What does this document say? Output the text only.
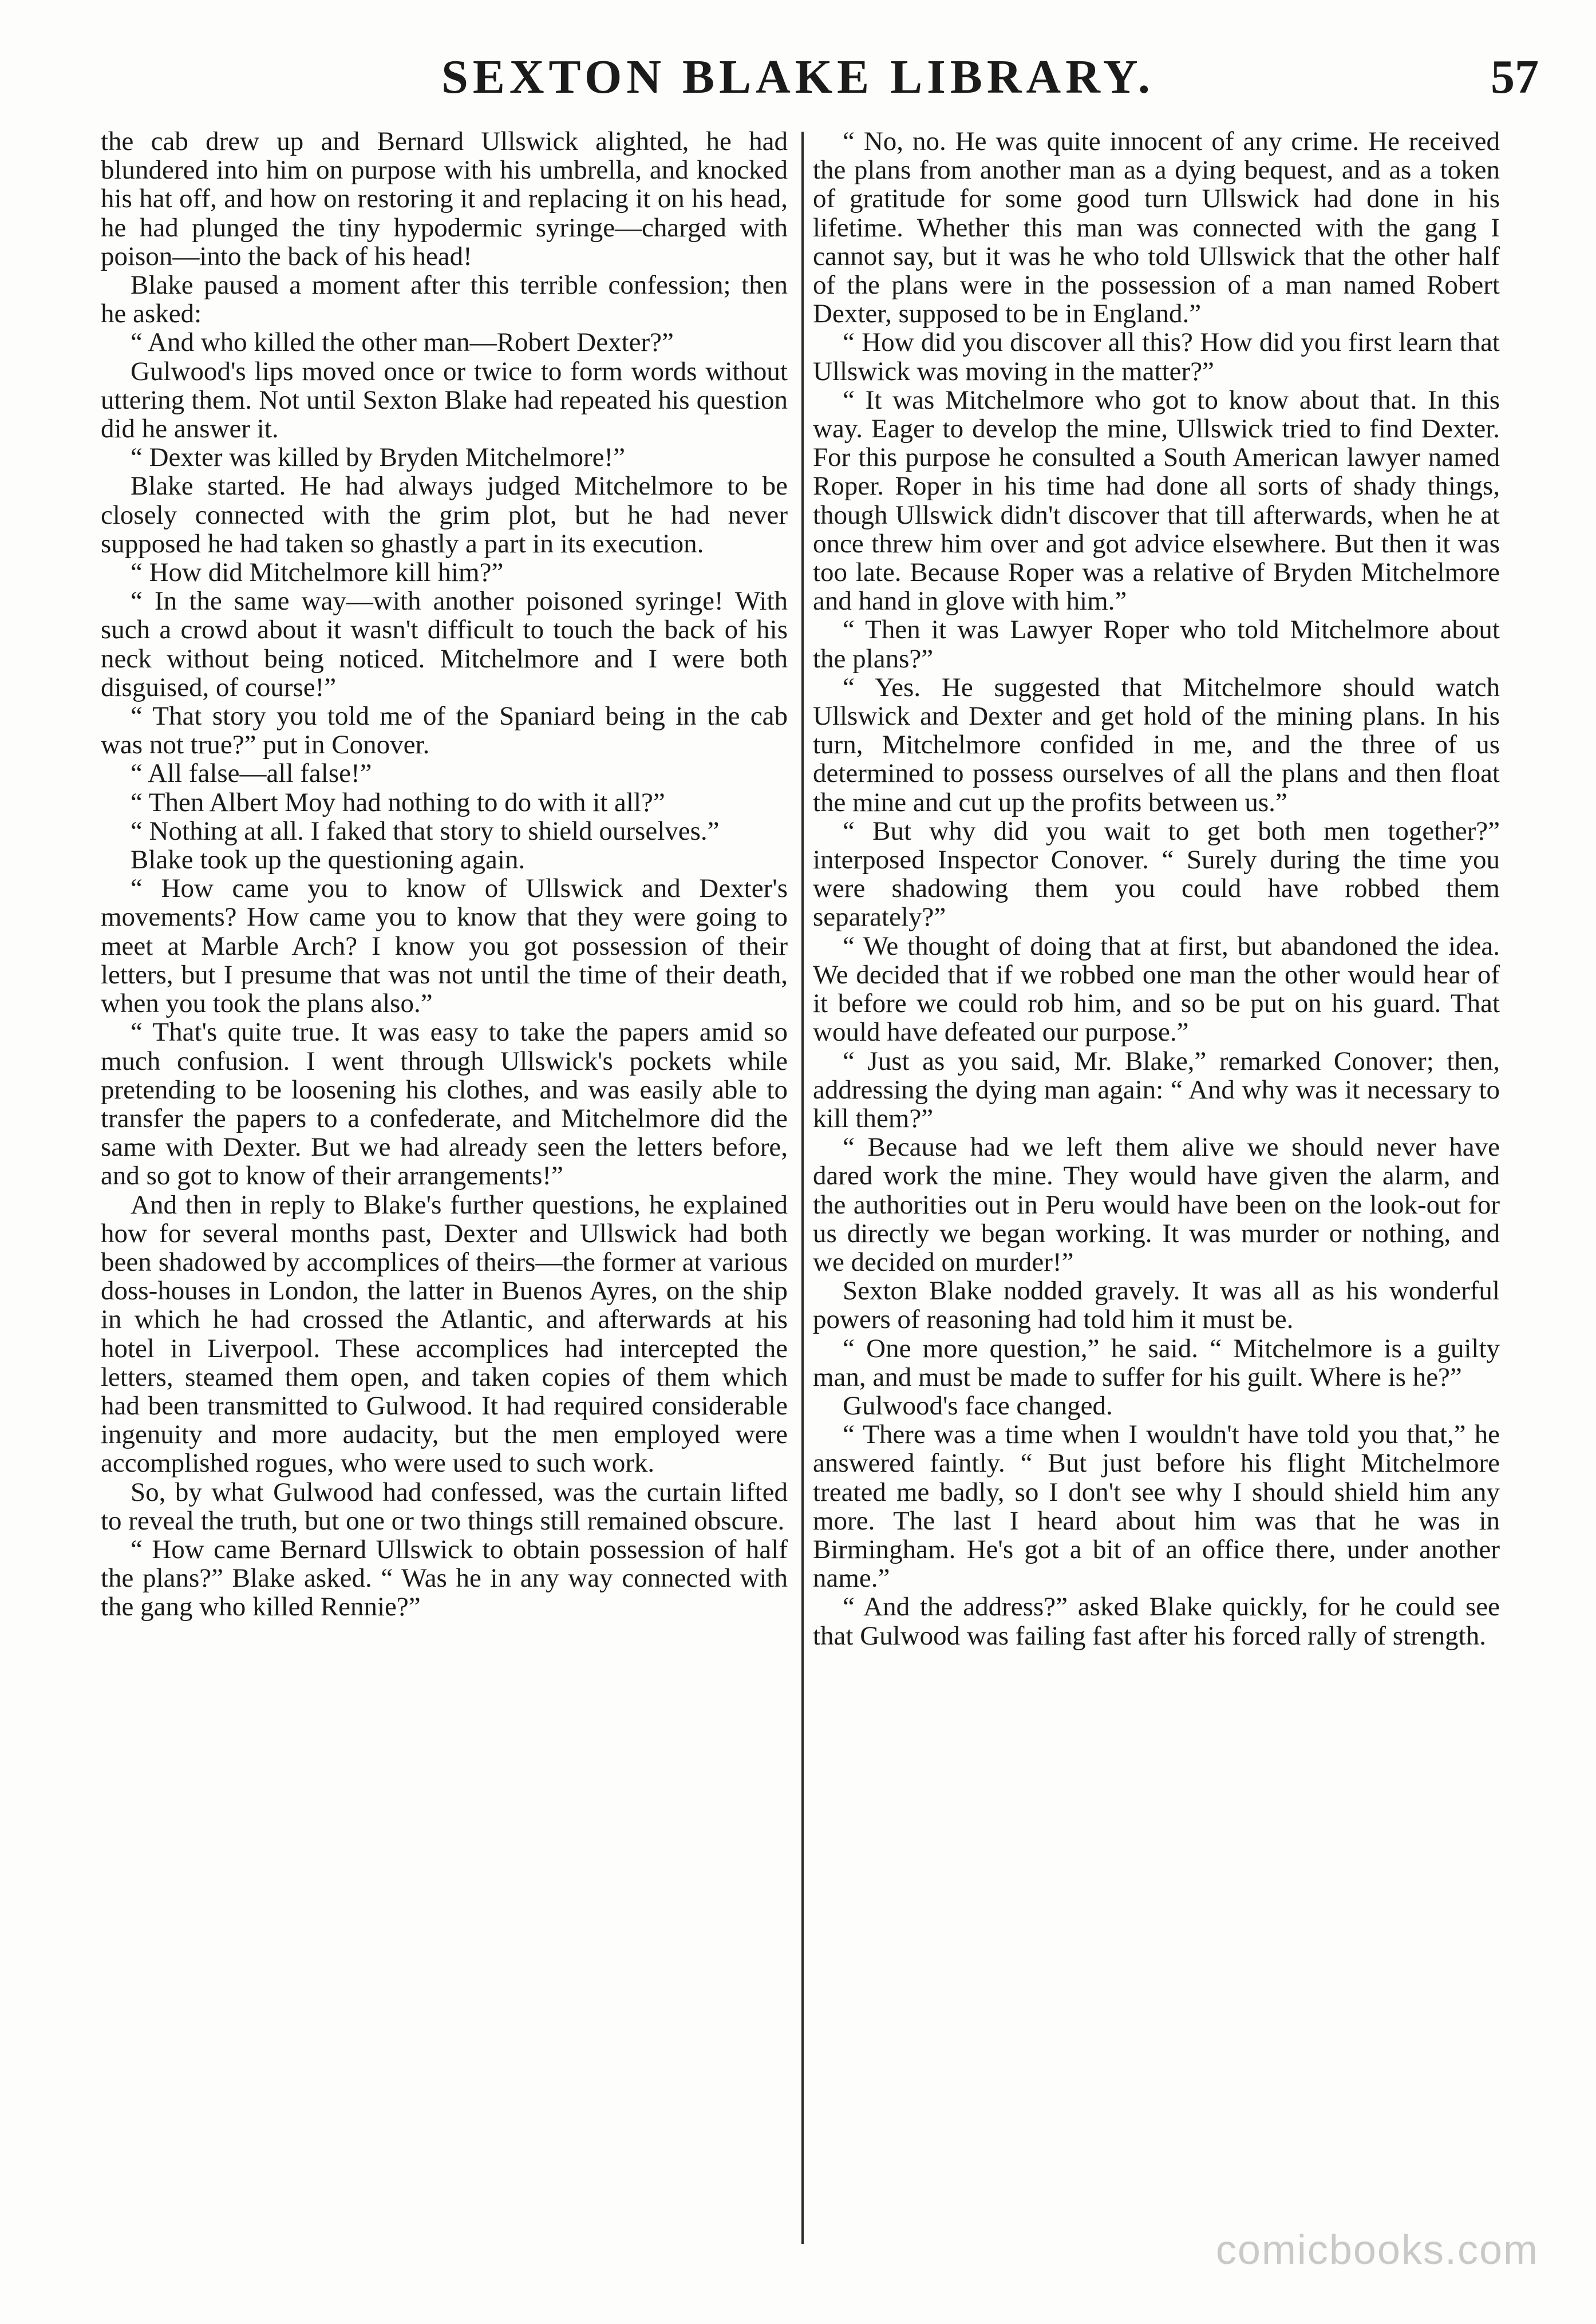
SEXTON BLAKE LIBRARY.	57

the cab drew up and Bernard Ullswick alighted, he had blundered into him on purpose with his umbrella, and knocked his hat off, and how on restoring it and replacing it on his head, he had plunged the tiny hypodermic syringe—charged with poison—into the back of his head!

Blake paused a moment after this terrible confession; then he asked:

“ And who killed the other man—Robert Dexter?”

Gulwood's lips moved once or twice to form words without uttering them. Not until Sexton Blake had repeated his question did he answer it.

“ Dexter was killed by Bryden Mitchelmore!”

Blake started. He had always judged Mitchelmore to be closely connected with the grim plot, but he had never supposed he had taken so ghastly a part in its execution.

“ How did Mitchelmore kill him?”

“ In the same way—with another poisoned syringe! With such a crowd about it wasn't difficult to touch the back of his neck without being noticed. Mitchelmore and I were both disguised, of course!”

“ That story you told me of the Spaniard being in the cab was not true?” put in Conover.

“ All false—all false!”

“ Then Albert Moy had nothing to do with it all?”

“ Nothing at all. I faked that story to shield ourselves.”

Blake took up the questioning again.

“ How came you to know of Ullswick and Dexter's movements? How came you to know that they were going to meet at Marble Arch? I know you got possession of their letters, but I presume that was not until the time of their death, when you took the plans also.”

“ That's quite true. It was easy to take the papers amid so much confusion. I went through Ullswick's pockets while pretending to be loosening his clothes, and was easily able to transfer the papers to a confederate, and Mitchelmore did the same with Dexter. But we had already seen the letters before, and so got to know of their arrangements!”

And then in reply to Blake's further questions, he explained how for several months past, Dexter and Ullswick had both been shadowed by accomplices of theirs—the former at various doss-houses in London, the latter in Buenos Ayres, on the ship in which he had crossed the Atlantic, and afterwards at his hotel in Liverpool. These accomplices had intercepted the letters, steamed them open, and taken copies of them which had been transmitted to Gulwood. It had required considerable ingenuity and more audacity, but the men employed were accomplished rogues, who were used to such work.

So, by what Gulwood had confessed, was the curtain lifted to reveal the truth, but one or two things still remained obscure.

“ How came Bernard Ullswick to obtain possession of half the plans?” Blake asked. “ Was he in any way connected with the gang who killed Rennie?”

“ No, no. He was quite innocent of any crime. He received the plans from another man as a dying bequest, and as a token of gratitude for some good turn Ullswick had done in his lifetime. Whether this man was connected with the gang I cannot say, but it was he who told Ullswick that the other half of the plans were in the possession of a man named Robert Dexter, supposed to be in England.”

“ How did you discover all this? How did you first learn that Ullswick was moving in the matter?”

“ It was Mitchelmore who got to know about that. In this way. Eager to develop the mine, Ullswick tried to find Dexter. For this purpose he consulted a South American lawyer named Roper. Roper in his time had done all sorts of shady things, though Ullswick didn't discover that till afterwards, when he at once threw him over and got advice elsewhere. But then it was too late. Because Roper was a relative of Bryden Mitchelmore and hand in glove with him.”

“ Then it was Lawyer Roper who told Mitchelmore about the plans?”

“ Yes. He suggested that Mitchelmore should watch Ullswick and Dexter and get hold of the mining plans. In his turn, Mitchelmore confided in me, and the three of us determined to possess ourselves of all the plans and then float the mine and cut up the profits between us.”

“ But why did you wait to get both men together?” interposed Inspector Conover. “ Surely during the time you were shadowing them you could have robbed them separately?”

“ We thought of doing that at first, but abandoned the idea. We decided that if we robbed one man the other would hear of it before we could rob him, and so be put on his guard. That would have defeated our purpose.”

“ Just as you said, Mr. Blake,” remarked Conover; then, addressing the dying man again: “ And why was it necessary to kill them?”

“ Because had we left them alive we should never have dared work the mine. They would have given the alarm, and the authorities out in Peru would have been on the look-out for us directly we began working. It was murder or nothing, and we decided on murder!”

Sexton Blake nodded gravely. It was all as his wonderful powers of reasoning had told him it must be.

“ One more question,” he said. “ Mitchelmore is a guilty man, and must be made to suffer for his guilt. Where is he?”

Gulwood's face changed.

“ There was a time when I wouldn't have told you that,” he answered faintly. “ But just before his flight Mitchelmore treated me badly, so I don't see why I should shield him any more. The last I heard about him was that he was in Birmingham. He's got a bit of an office there, under another name.”

“ And the address?” asked Blake quickly, for he could see that Gulwood was failing fast after his forced rally of strength.

comicbooks.com
